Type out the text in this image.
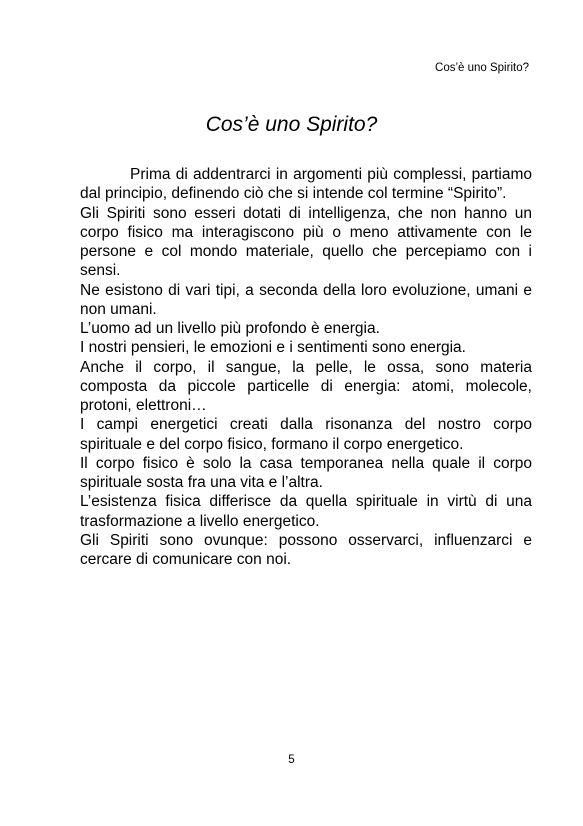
Cos’è uno Spirito?
Cos’è uno Spirito?

Prima di addentrarci in argomenti più complessi, partiamo dal principio, definendo ciò che si intende col termine “Spirito”.

Gli Spiriti sono esseri dotati di intelligenza, che non hanno un corpo fisico ma interagiscono più o meno attivamente con le persone e col mondo materiale, quello che percepiamo con i sensi.

Ne esistono di vari tipi, a seconda della loro evoluzione, umani e non umani.

L’uomo ad un livello più profondo è energia.

I nostri pensieri, le emozioni e i sentimenti sono energia.

Anche il corpo, il sangue, la pelle, le ossa, sono materia composta da piccole particelle di energia: atomi, molecole, protoni, elettroni…

I campi energetici creati dalla risonanza del nostro corpo spirituale e del corpo fisico, formano il corpo energetico.

Il corpo fisico è solo la casa temporanea nella quale il corpo spirituale sosta fra una vita e l’altra.

L’esistenza fisica differisce da quella spirituale in virtù di una trasformazione a livello energetico.

Gli Spiriti sono ovunque: possono osservarci, influenzarci e cercare di comunicare con noi.

5
